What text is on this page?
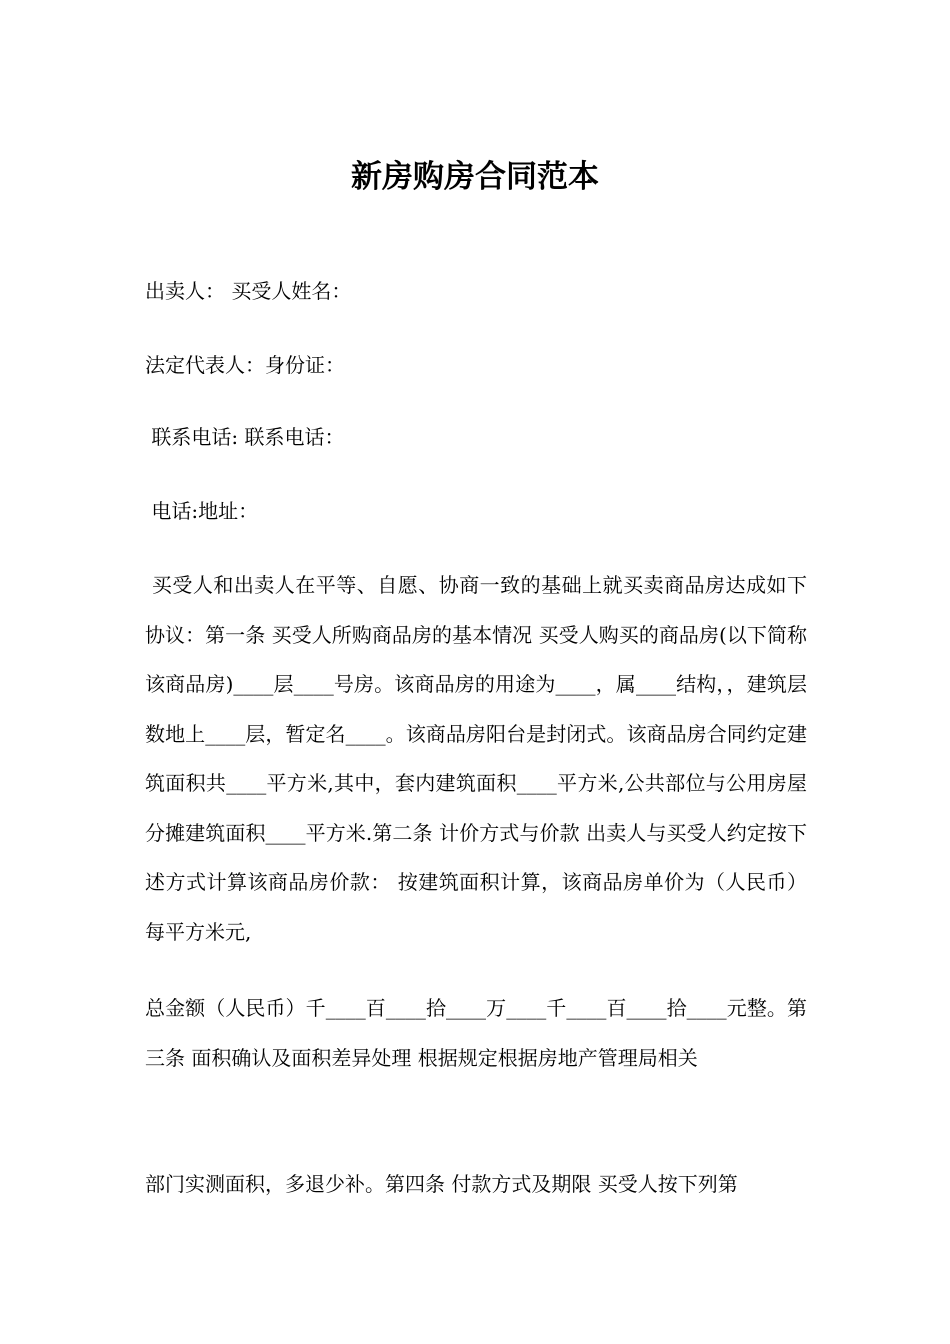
新房购房合同范本

出卖人： 买受人姓名：

法定代表人：身份证：

联系电话: 联系电话：

电话:地址：

买受人和出卖人在平等、自愿、协商一致的基础上就买卖商品房达成如下协议：第一条 买受人所购商品房的基本情况 买受人购买的商品房(以下简称该商品房)____层____号房。该商品房的用途为____，属____结构，，建筑层数地上____层，暂定名____。该商品房阳台是封闭式。该商品房合同约定建筑面积共____平方米,其中，套内建筑面积____平方米,公共部位与公用房屋分摊建筑面积____平方米.第二条 计价方式与价款 出卖人与买受人约定按下述方式计算该商品房价款： 按建筑面积计算，该商品房单价为（人民币）每平方米元,

总金额（人民币）千____百____拾____万____千____百____拾____元整。第三条 面积确认及面积差异处理 根据规定根据房地产管理局相关

部门实测面积，多退少补。第四条 付款方式及期限 买受人按下列第
